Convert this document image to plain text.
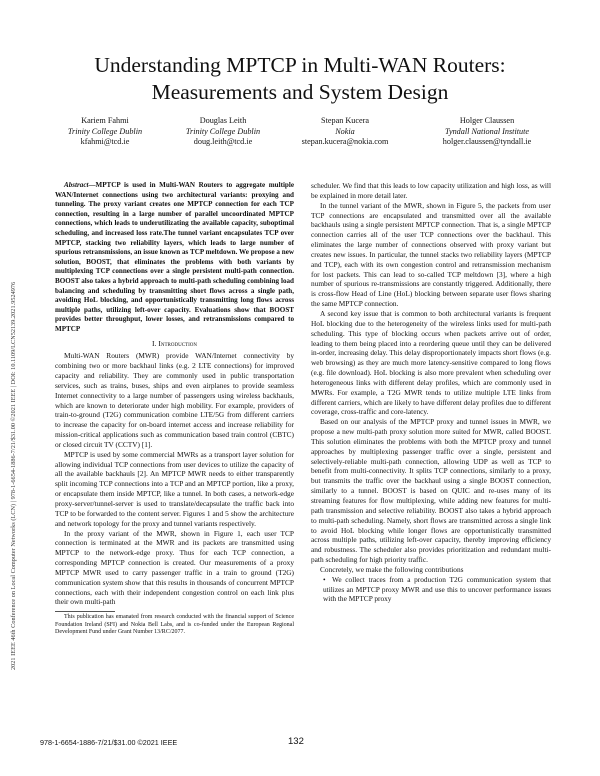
2021 IEEE 46th Conference on Local Computer Networks (LCN) | 978-1-6654-1886-7/21/$31.00 ©2021 IEEE | DOI: 10.1109/LCN52139.2021.9524976
Understanding MPTCP in Multi-WAN Routers:
Measurements and System Design
Kariem Fahmi
Trinity College Dublin
kfahmi@tcd.ie
Douglas Leith
Trinity College Dublin
doug.leith@tcd.ie
Stepan Kucera
Nokia
stepan.kucera@nokia.com
Holger Claussen
Tyndall National Institute
holger.claussen@tyndall.ie

Abstract—MPTCP is used in Multi-WAN Routers to aggregate multiple WAN/Internet connections using two architectural variants: proxying and tunneling. The proxy variant creates one MPTCP connection for each TCP connection, resulting in a large number of parallel uncoordinated MPTCP connections, which leads to underutilizating the available capacity, suboptimal scheduling, and increased loss rate.The tunnel variant encapsulates TCP over MPTCP, stacking two reliability layers, which leads to large number of spurious retransmissions, an issue known as TCP meltdown. We propose a new solution, BOOST, that eliminates the problems with both variants by multiplexing TCP connections over a single persistent multi-path connection. BOOST also takes a hybrid approach to multi-path scheduling combining load balancing and scheduling by transmitting short flows across a single path, avoiding HoL blocking, and opportunistically transmitting long flows across multiple paths, utilizing left-over capacity. Evaluations show that BOOST provides better throughput, lower losses, and retransmissions compared to MPTCP

I. Introduction

Multi-WAN Routers (MWR) provide WAN/Internet connectivity by combining two or more backhaul links (e.g. 2 LTE connections) for improved capacity and reliability. They are commonly used in public transportation services, such as trains, buses, ships and even airplanes to provide seamless Internet connectivity to a large number of passengers using wireless backhauls, which are known to deteriorate under high mobility. For example, providers of train-to-ground (T2G) communication combine LTE/5G from different carriers to increase the capacity for on-board internet access and increase reliability for mission-critical applications such as communication based train control (CBTC) or closed circuit TV (CCTV) [1].

MPTCP is used by some commercial MWRs as a transport layer solution for allowing individual TCP connections from user devices to utilize the capacity of all the available backhauls [2]. An MPTCP MWR needs to either transparently split incoming TCP connections into a TCP and an MPTCP portion, like a proxy, or encapsulate them inside MPTCP, like a tunnel. In both cases, a network-edge proxy-server/tunnel-server is used to translate/decapsulate the traffic back into TCP to be forwarded to the content server. Figures 1 and 5 show the architecture and network topology for the proxy and tunnel variants respectively.

In the proxy variant of the MWR, shown in Figure 1, each user TCP connection is terminated at the MWR and its packets are transmitted using MPTCP to the network-edge proxy. Thus for each TCP connection, a corresponding MPTCP connection is created. Our measurements of a proxy MPTCP MWR used to carry passenger traffic in a train to ground (T2G) communication system show that this results in thousands of concurrent MPTCP connections, each with their independent congestion control on each link plus their own multi-path

This publication has emanated from research conducted with the financial support of Science Foundation Ireland (SFI) and Nokia Bell Labs, and is co-funded under the European Regional Development Fund under Grant Number 13/RC/2077.

scheduler. We find that this leads to low capacity utilization and high loss, as will be explained in more detail later.

In the tunnel variant of the MWR, shown in Figure 5, the packets from user TCP connections are encapsulated and transmitted over all the available backhauls using a single persistent MPTCP connection. That is, a single MPTCP connection carries all of the user TCP connections over the backhaul. This eliminates the large number of connections observed with proxy variant but creates new issues. In particular, the tunnel stacks two reliability layers (MPTCP and TCP), each with its own congestion control and retransmission mechanism for lost packets. This can lead to so-called TCP meltdown [3], where a high number of spurious re-transmissions are constantly triggered. Additionally, there is cross-flow Head of Line (HoL) blocking between separate user flows sharing the same MPTCP connection.

A second key issue that is common to both architectural variants is frequent HoL blocking due to the heterogeneity of the wireless links used for multi-path scheduling. This type of blocking occurs when packets arrive out of order, leading to them being placed into a reordering queue until they can be delivered in-order, increasing delay. This delay disproportionately impacts short flows (e.g. web browsing) as they are much more latency-sensitive compared to long flows (e.g. file download). HoL blocking is also more prevalent when scheduling over heterogeneous links with different delay profiles, which are commonly used in MWRs. For example, a T2G MWR tends to utilize multiple LTE links from different carriers, which are likely to have different delay profiles due to different coverage, cross-traffic and core-latency.

Based on our analysis of the MPTCP proxy and tunnel issues in MWR, we propose a new multi-path proxy solution more suited for MWR, called BOOST. This solution eliminates the problems with both the MPTCP proxy and tunnel approaches by multiplexing passenger traffic over a single, persistent and selectively-reliable multi-path connection, allowing UDP as well as TCP to benefit from multi-connectivity. It splits TCP connections, similarly to a proxy, but transmits the traffic over the backhaul using a single BOOST connection, similarly to a tunnel. BOOST is based on QUIC and re-uses many of its streaming features for flow multiplexing, while adding new features for multi-path transmission and selective reliability. BOOST also takes a hybrid approach to multi-path scheduling. Namely, short flows are transmitted across a single link to avoid HoL blocking while longer flows are opportunistically transmitted across multiple paths, utilizing left-over capacity, thereby improving efficiency and robustness. The scheduler also provides prioritization and redundant multi-path scheduling for high priority traffic.

Concretely, we make the following contributions

• We collect traces from a production T2G communication system that utilizes an MPTCP proxy MWR and use this to uncover performance issues with the MPTCP proxy

978-1-6654-1886-7/21/$31.00 ©2021 IEEE	132
